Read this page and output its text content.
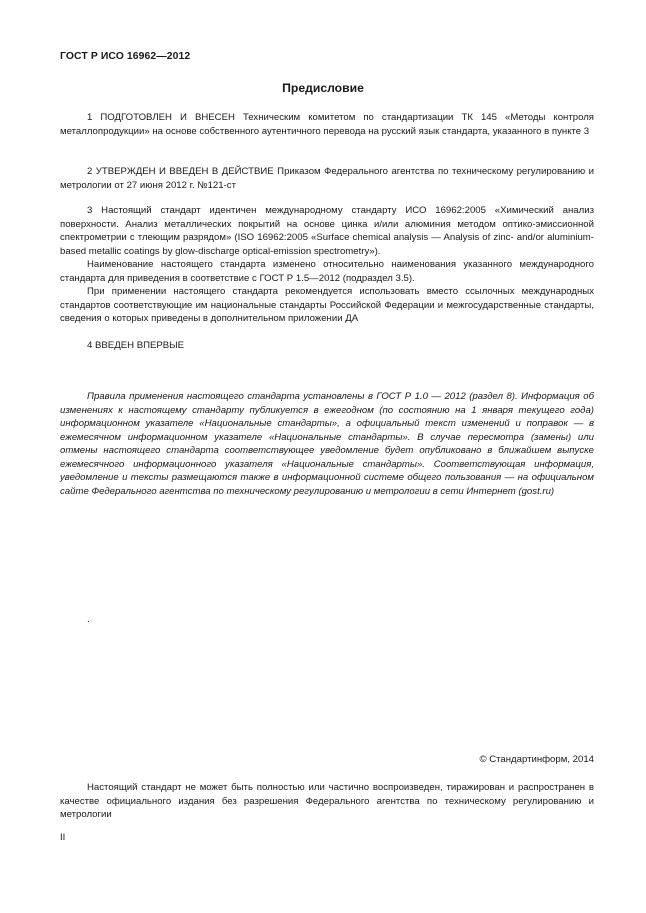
ГОСТ Р ИСО 16962—2012
Предисловие

1 ПОДГОТОВЛЕН И ВНЕСЕН Техническим комитетом по стандартизации ТК 145 «Методы контроля металлопродукции» на основе собственного аутентичного перевода на русский язык стандарта, указанного в пункте 3

2 УТВЕРЖДЕН И ВВЕДЕН В ДЕЙСТВИЕ Приказом Федерального агентства по техническому регулированию и метрологии от 27 июня 2012 г. №121-ст

3 Настоящий стандарт идентичен международному стандарту ИСО 16962:2005 «Химический анализ поверхности. Анализ металлических покрытий на основе цинка и/или алюминия методом оптико-эмиссионной спектрометрии с тлеющим разрядом» (ISO 16962:2005 «Surface chemical analysis — Analysis of zinc- and/or aluminium-based metallic coatings by glow-discharge optical-emission spectrometry»).

Наименование настоящего стандарта изменено относительно наименования указанного международного стандарта для приведения в соответствие с ГОСТ Р 1.5—2012 (подраздел 3.5).

При применении настоящего стандарта рекомендуется использовать вместо ссылочных международных стандартов соответствующие им национальные стандарты Российской Федерации и межгосударственные стандарты, сведения о которых приведены в дополнительном приложении ДА

4 ВВЕДЕН ВПЕРВЫЕ

Правила применения настоящего стандарта установлены в ГОСТ Р 1.0 — 2012 (раздел 8). Информация об изменениях к настоящему стандарту публикуется в ежегодном (по состоянию на 1 января текущего года) информационном указателе «Национальные стандарты», а официальный текст изменений и поправок — в ежемесячном информационном указателе «Национальные стандарты». В случае пересмотра (замены) или отмены настоящего стандарта соответствующее уведомление будет опубликовано в ближайшем выпуске ежемесячного информационного указателя «Национальные стандарты». Соответствующая информация, уведомление и тексты размещаются также в информационной системе общего пользования — на официальном сайте Федерального агентства по техническому регулированию и метрологии в сети Интернет (gost.ru)

.
© Стандартинформ, 2014

Настоящий стандарт не может быть полностью или частично воспроизведен, тиражирован и распространен в качестве официального издания без разрешения Федерального агентства по техническому регулированию и метрологии

II
